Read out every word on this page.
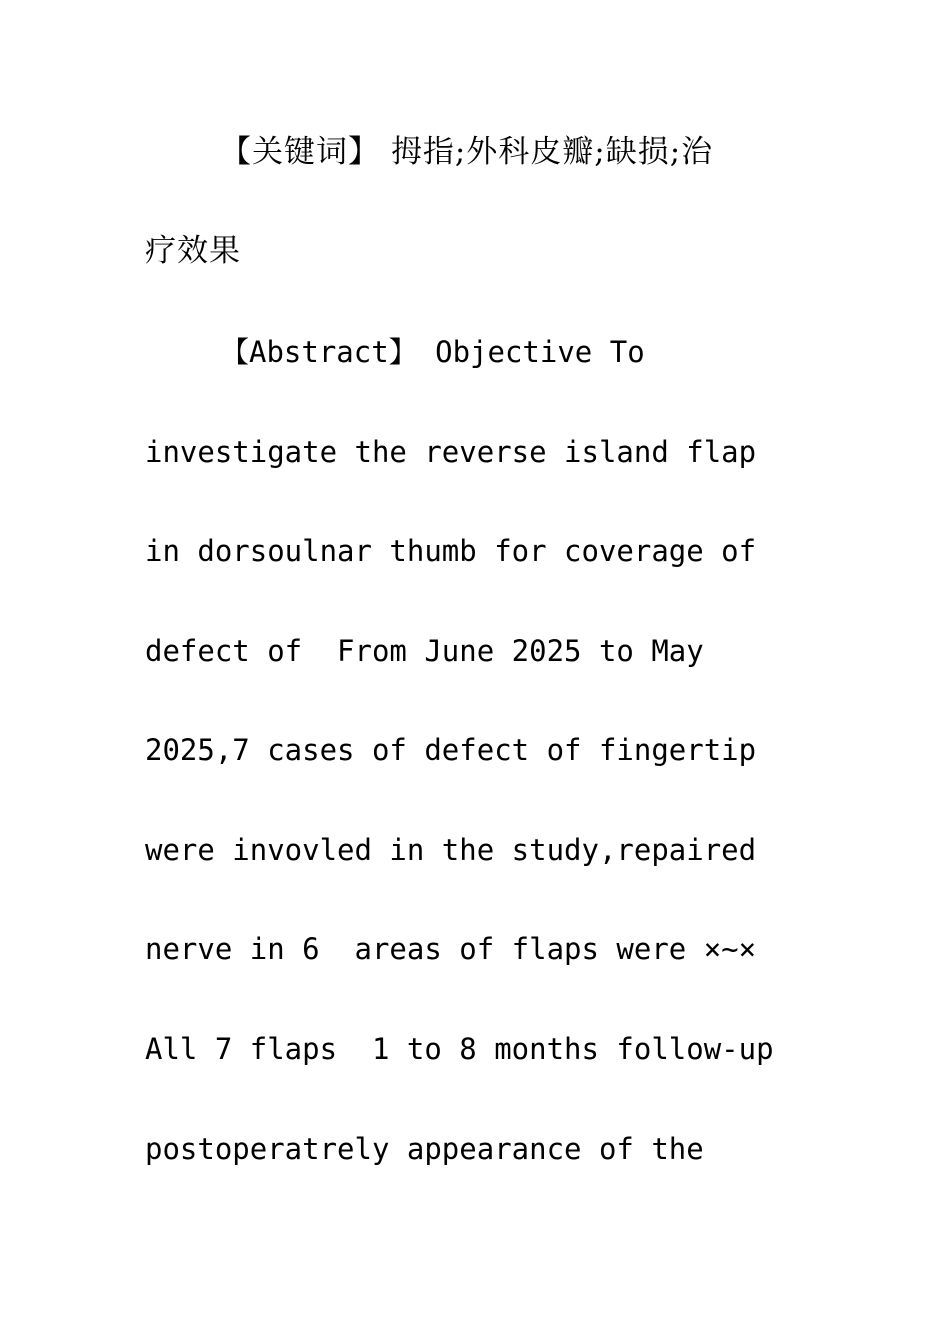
【关键词】 拇指;外科皮瓣;缺损;治
疗效果
【Abstract】 Objective To
investigate the reverse island flap
in dorsoulnar thumb for coverage of
defect of  From June 2025 to May
2025,7 cases of defect of fingertip
were invovled in the study,repaired
nerve in 6  areas of flaps were ×~×
All 7 flaps  1 to 8 months follow-up
postoperatrely appearance of the
